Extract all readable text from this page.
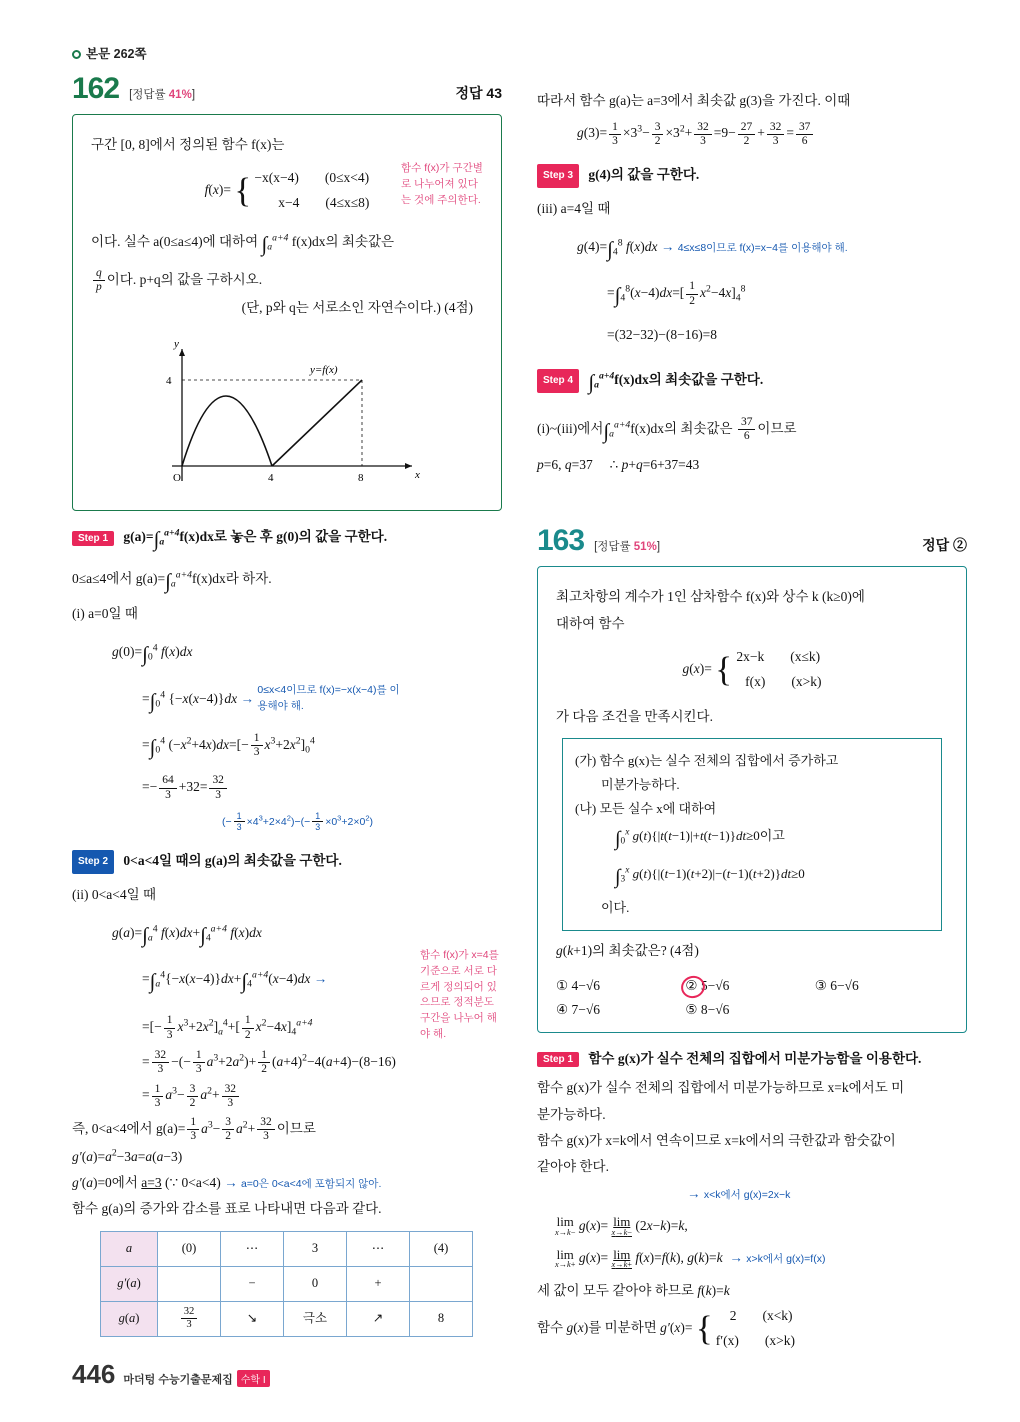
본문 262쪽
162 [정답률 41%]	정답 43
구간 [0, 8]에서 정의된 함수 f(x)는
f(x)= { −x(x−4) (0≤x<4)
x−4 (4≤x≤8)
함수 f(x)가 구간별로 나누어져 있다는 것에 주의한다.
이다. 실수 a(0≤a≤4)에 대하여 $\int_a^{a+4}$ f(x)dx의 최솟값은
$\frac{q}{p}$ 이다. p+q의 값을 구하시오.
(단, p와 q는 서로소인 자연수이다.) (4점)
y
x
O
4
4	8
y=f(x)
Step 1 $g(a)=\int_a^{a+4}f(x)dx$로 놓은 후 g(0)의 값을 구한다.
0≤a≤4에서 $g(a)=\int_a^{a+4}f(x)dx$라 하자.
(i) a=0일 때
$g(0)=\int_0^4$ f(x)dx
$=\int_0^4$ {−x(x−4)}dx → 0≤x<4이므로 f(x)=−x(x−4)를 이용해야 해.
$=\int_0^4$ $(-x^2+4x)dx=[- \frac{1}{3} x^3+2x^2]_0^4$
=− $\frac{64}{3} +32= \frac{32}{3}$
(− $\frac{1}{3} \times 4^3+2\times 4^2)-(- \frac{1}{3} \times 0^3+2\times 0^2)$
Step 2 0<a<4일 때의 g(a)의 최솟값을 구한다.
(ii) 0<a<4일 때
$g(a)=\int_a^4$ $f(x)dx+\int_4^{a+4}$ f(x)dx
$=\int_a^4\{-x(x-4)\}dx+\int_4^{a+4}(x-4)dx$ →
함수 f(x)가 x=4를 기준으로 서로 다르게 정의되어 있으므로 정적분도 구간을 나누어 해야 해.
=[− $\frac{1}{3} x^3+2x^2]_a^4+[ \frac{1}{2} x^2-4x]_4^{a+4}$
= $\frac{32}{3}$ −(− $\frac{1}{3} a^3+2a^2)+ \frac{1}{2} (a+4)^2-4(a+4)-(8-16)$
= $\frac{1}{3} a^3- \frac{3}{2} a^2+ \frac{32}{3}$
즉, 0<a<4에서 $g(a)= \frac{1}{3} a^3- \frac{3}{2} a^2+ \frac{32}{3}$ 이므로
$g'(a)=a^2-3a=a(a-3)$
g′(a)=0에서 a=3 (∵ 0<a<4) → a=0은 0<a<4에 포함되지 않아.
함수 g(a)의 증가와 감소를 표로 나타내면 다음과 같다.
a	(0)	⋯	3	⋯	(4)
g′(a)		−	0	+	
g(a)	$\frac{32}{3}$	↘	극소	↗	8
따라서 함수 g(a)는 a=3에서 최솟값 g(3)을 가진다. 이때
$g(3)= \frac{1}{3} \times 3^3- \frac{3}{2} \times 3^2+ \frac{32}{3} =9- \frac{27}{2} + \frac{32}{3} = \frac{37}{6}$
Step 3 g(4)의 값을 구한다.
(iii) a=4일 때
$g(4)=\int_4^8$ f(x)dx → 4≤x≤8이므로 f(x)=x−4를 이용해야 해.
$=\int_4^8(x-4)dx=[ \frac{1}{2} x^2-4x]_4^8$
=(32−32)−(8−16)=8
Step 4 $\int_a^{a+4}f(x)dx$의 최솟값을 구한다.
(i)~(iii)에서$\int_a^{a+4}f(x)dx$의 최솟값은 $\frac{37}{6}$ 이므로
p=6, q=37     ∴ p+q=6+37=43
163 [정답률 51%]	정답 ②
최고차항의 계수가 1인 삼차함수 f(x)와 상수 k (k≥0)에
대하여 함수
g(x)= { 2x−k (x≤k)
f(x) (x>k)
가 다음 조건을 만족시킨다.
(가) 함수 g(x)는 실수 전체의 집합에서 증가하고
미분가능하다.
(나) 모든 실수 x에 대하여
$\int_0^x$ g(t){|t(t−1)|+t(t−1)}dt≥0이고
$\int_3^x$ g(t){|(t−1)(t+2)|−(t−1)(t+2)}dt≥0
이다.
g(k+1)의 최솟값은? (4점)
① 4−√6	② 5−√6	③ 6−√6
④ 7−√6	⑤ 8−√6
Step 1 함수 g(x)가 실수 전체의 집합에서 미분가능함을 이용한다.
함수 g(x)가 실수 전체의 집합에서 미분가능하므로 x=k에서도 미
분가능하다.
함수 g(x)가 x=k에서 연속이므로 x=k에서의 극한값과 함숫값이
같아야 한다.
→ x<k에서 g(x)=2x−k
lim
x→k− g(x)= lim
x→k− (2x−k)=k,
lim
x→k+ g(x)= lim
x→k+ f(x)=f(k), g(k)=k → x>k에서 g(x)=f(x)
세 값이 모두 같아야 하므로 f(k)=k
함수 g(x)를 미분하면 g′(x)= {	2 (x<k)
f′(x) (x>k)
446 마더텅 수능기출문제집 수학 I
